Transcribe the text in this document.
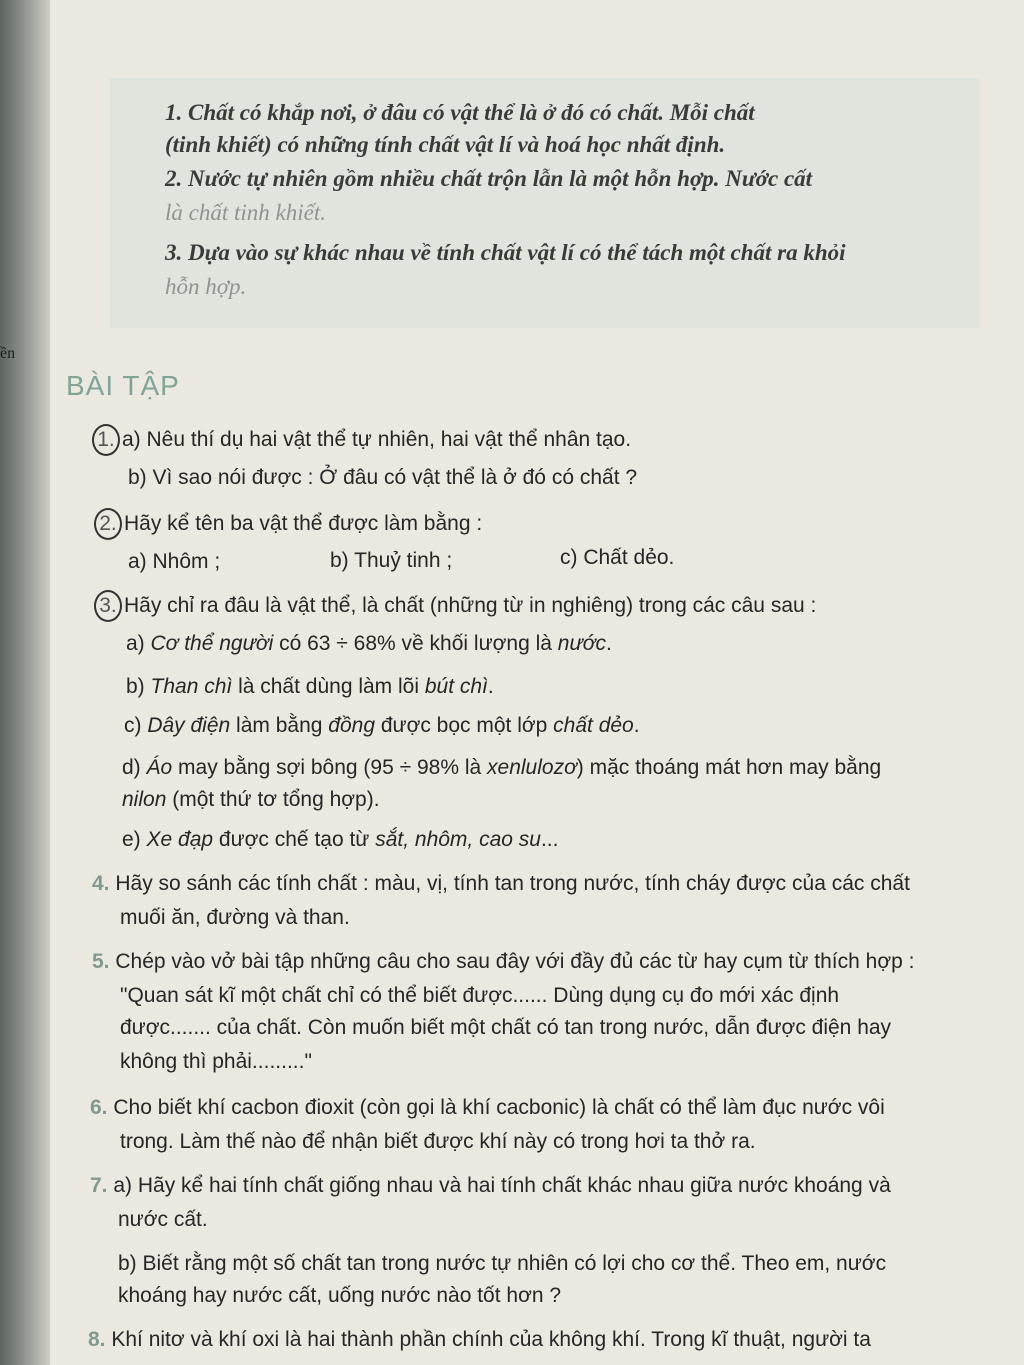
ền
1. Chất có khắp nơi, ở đâu có vật thể là ở đó có chất. Mỗi chất
(tinh khiết) có những tính chất vật lí và hoá học nhất định.
2. Nước tự nhiên gồm nhiều chất trộn lẫn là một hỗn hợp. Nước cất
là chất tinh khiết.
3. Dựa vào sự khác nhau về tính chất vật lí có thể tách một chất ra khỏi
hỗn hợp.
BÀI TẬP
1. a) Nêu thí dụ hai vật thể tự nhiên, hai vật thể nhân tạo.
b) Vì sao nói được : Ở đâu có vật thể là ở đó có chất ?
2. Hãy kể tên ba vật thể được làm bằng :
a) Nhôm ;	b) Thuỷ tinh ;	c) Chất dẻo.
3. Hãy chỉ ra đâu là vật thể, là chất (những từ in nghiêng) trong các câu sau :
a) Cơ thể người có 63 ÷ 68% về khối lượng là nước.
b) Than chì là chất dùng làm lõi bút chì.
c) Dây điện làm bằng đồng được bọc một lớp chất dẻo.
d) Áo may bằng sợi bông (95 ÷ 98% là xenlulozơ) mặc thoáng mát hơn may bằng
nilon (một thứ tơ tổng hợp).
e) Xe đạp được chế tạo từ sắt, nhôm, cao su...
4. Hãy so sánh các tính chất : màu, vị, tính tan trong nước, tính cháy được của các chất
muối ăn, đường và than.
5. Chép vào vở bài tập những câu cho sau đây với đầy đủ các từ hay cụm từ thích hợp :
"Quan sát kĩ một chất chỉ có thể biết được...... Dùng dụng cụ đo mới xác định
được....... của chất. Còn muốn biết một chất có tan trong nước, dẫn được điện hay
không thì phải........."
6. Cho biết khí cacbon đioxit (còn gọi là khí cacbonic) là chất có thể làm đục nước vôi
trong. Làm thế nào để nhận biết được khí này có trong hơi ta thở ra.
7. a) Hãy kể hai tính chất giống nhau và hai tính chất khác nhau giữa nước khoáng và
nước cất.
b) Biết rằng một số chất tan trong nước tự nhiên có lợi cho cơ thể. Theo em, nước
khoáng hay nước cất, uống nước nào tốt hơn ?
8. Khí nitơ và khí oxi là hai thành phần chính của không khí. Trong kĩ thuật, người ta
